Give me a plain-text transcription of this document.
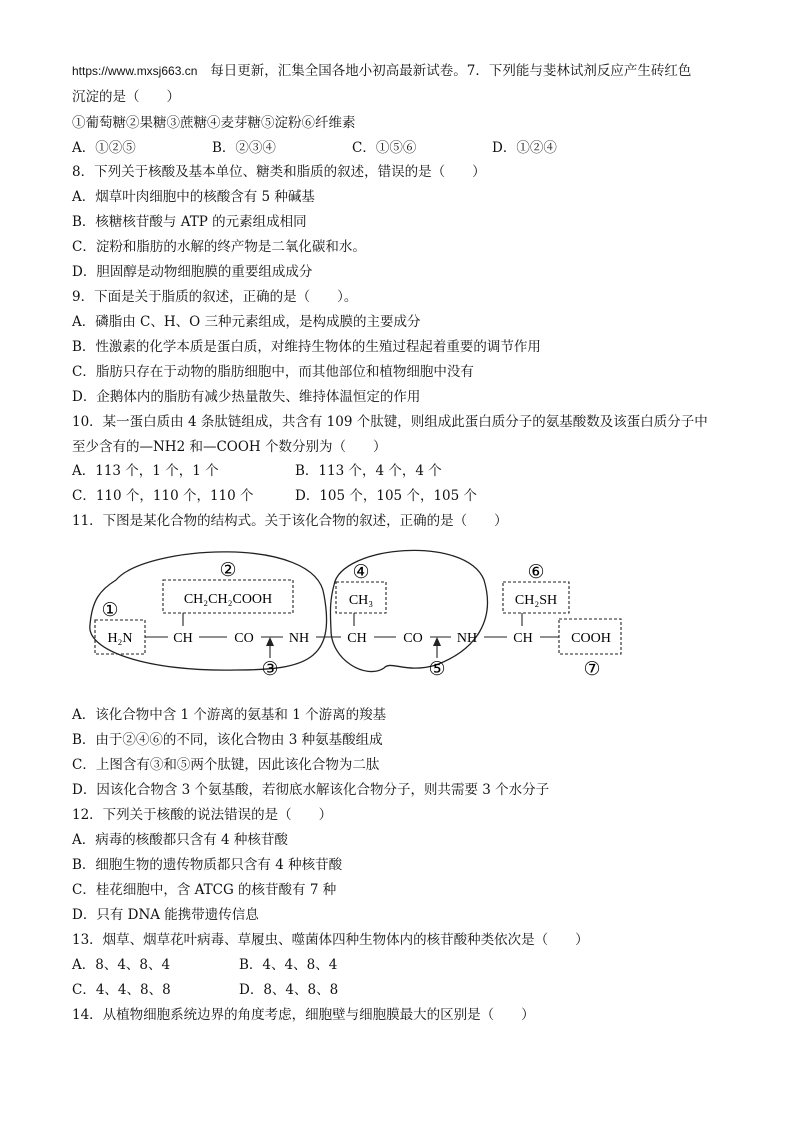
https://www.mxsj663.cn 每日更新，汇集全国各地小初高最新试卷。7．下列能与斐林试剂反应产生砖红色
沉淀的是（　　）
①葡萄糖②果糖③蔗糖④麦芽糖⑤淀粉⑥纤维素
A．①②⑤	B．②③④	C．①⑤⑥	D．①②④
8．下列关于核酸及基本单位、糖类和脂质的叙述，错误的是（　　）
A．烟草叶肉细胞中的核酸含有 5 种碱基
B．核糖核苷酸与 ATP 的元素组成相同
C．淀粉和脂肪的水解的终产物是二氧化碳和水。
D．胆固醇是动物细胞膜的重要组成成分
9．下面是关于脂质的叙述，正确的是（　　）。
A．磷脂由 C、H、O 三种元素组成，是构成膜的主要成分
B．性激素的化学本质是蛋白质，对维持生物体的生殖过程起着重要的调节作用
C．脂肪只存在于动物的脂肪细胞中，而其他部位和植物细胞中没有
D．企鹅体内的脂肪有减少热量散失、维持体温恒定的作用
10．某一蛋白质由 4 条肽链组成，共含有 109 个肽键，则组成此蛋白质分子的氨基酸数及该蛋白质分子中
至少含有的—NH2 和—COOH 个数分别为（　　）
A．113 个，1 个，1 个	B．113 个，4 个，4 个
C．110 个，110 个，110 个	D．105 个，105 个，105 个
11．下图是某化合物的结构式。关于该化合物的叙述，正确的是（　　）
①
②
③
④
⑤
⑥
⑦
CH₂CH₂COOH	CH₃	CH₂SH
H₂N	CH	CO	NH	CH	CO NH	CH	COOH
A．该化合物中含 1 个游离的氨基和 1 个游离的羧基
B．由于②④⑥的不同，该化合物由 3 种氨基酸组成
C．上图含有③和⑤两个肽键，因此该化合物为二肽
D．因该化合物含 3 个氨基酸，若彻底水解该化合物分子，则共需要 3 个水分子
12．下列关于核酸的说法错误的是（　　）
A．病毒的核酸都只含有 4 种核苷酸
B．细胞生物的遗传物质都只含有 4 种核苷酸
C．桂花细胞中，含 ATCG 的核苷酸有 7 种
D．只有 DNA 能携带遗传信息
13．烟草、烟草花叶病毒、草履虫、噬菌体四种生物体内的核苷酸种类依次是（　　）
A．8、4、8、4	B．4、4、8、4
C．4、4、8、8	D．8、4、8、8
14．从植物细胞系统边界的角度考虑，细胞壁与细胞膜最大的区别是（　　）
